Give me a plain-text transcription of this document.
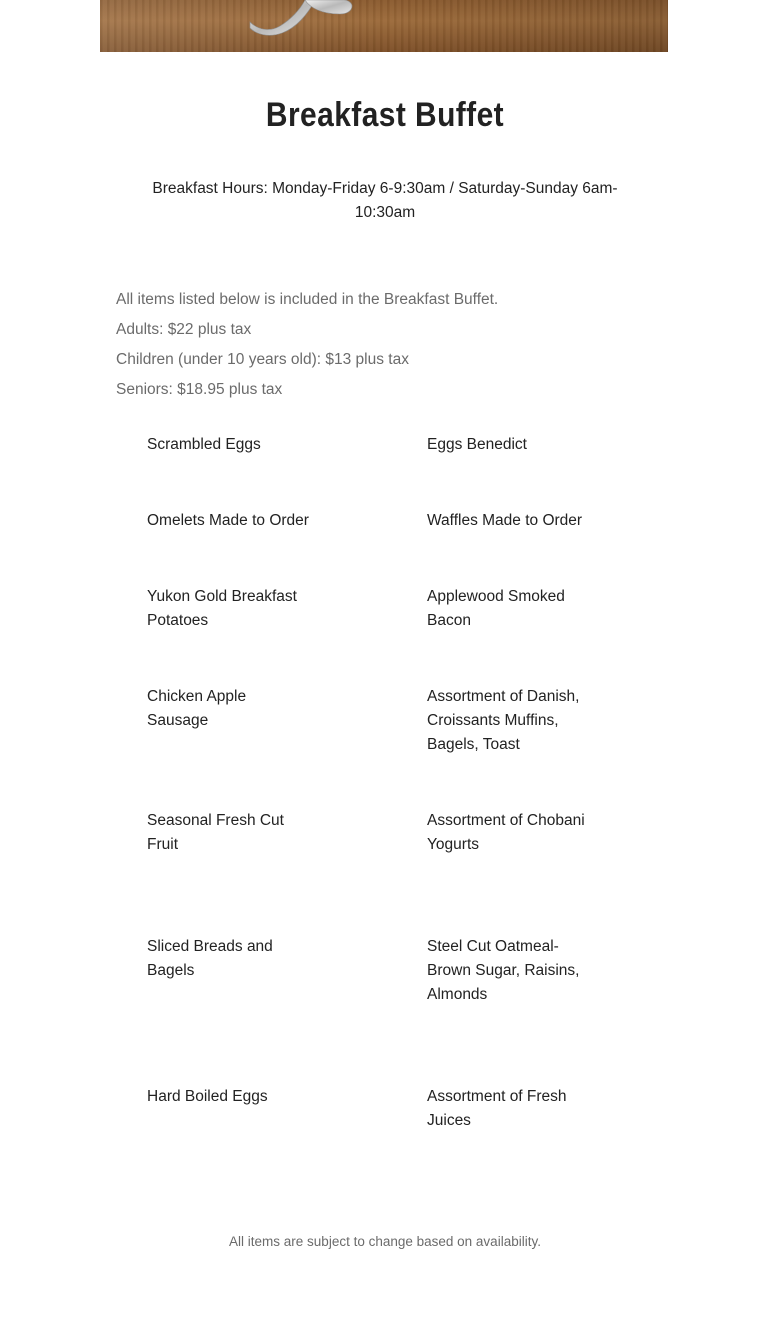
Breakfast Buffet
Breakfast Hours: Monday-Friday 6-9:30am / Saturday-Sunday 6am-10:30am
All items listed below is included in the Breakfast Buffet.
Adults: $22 plus tax
Children (under 10 years old): $13 plus tax
Seniors: $18.95 plus tax
Scrambled Eggs
Omelets Made to Order
Yukon Gold Breakfast Potatoes
Chicken Apple Sausage
Seasonal Fresh Cut Fruit
Sliced Breads and Bagels
Hard Boiled Eggs
Eggs Benedict
Waffles Made to Order
Applewood Smoked Bacon
Assortment of Danish, Croissants Muffins, Bagels, Toast
Assortment of Chobani Yogurts
Steel Cut Oatmeal- Brown Sugar, Raisins, Almonds
Assortment of Fresh Juices
All items are subject to change based on availability.
